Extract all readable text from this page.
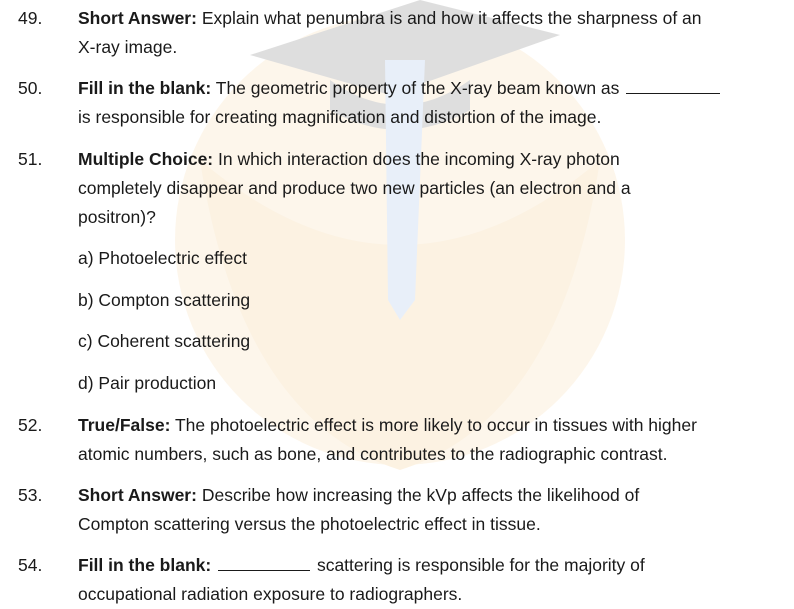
49. Short Answer: Explain what penumbra is and how it affects the sharpness of an
X-ray image.
50. Fill in the blank: The geometric property of the X-ray beam known as
is responsible for creating magnification and distortion of the image.
51. Multiple Choice: In which interaction does the incoming X-ray photon
completely disappear and produce two new particles (an electron and a
positron)?
a) Photoelectric effect
b) Compton scattering
c) Coherent scattering
d) Pair production
52. True/False: The photoelectric effect is more likely to occur in tissues with higher
atomic numbers, such as bone, and contributes to the radiographic contrast.
53. Short Answer: Describe how increasing the kVp affects the likelihood of
Compton scattering versus the photoelectric effect in tissue.
54. Fill in the blank:	scattering is responsible for the majority of
occupational radiation exposure to radiographers.
